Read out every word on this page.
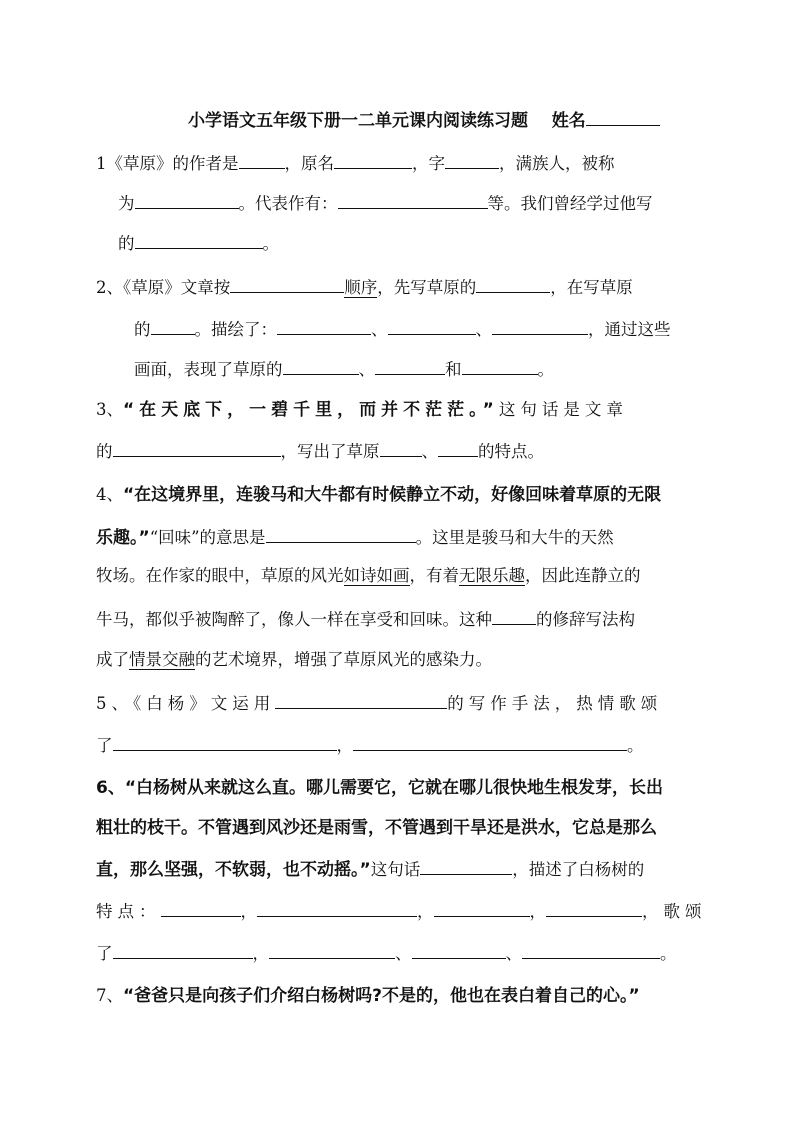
小学语文五年级下册一二单元课内阅读练习题 姓名
1《草原》的作者是	，原名	，字	，满族人，被称
为	。代表作有：	等。我们曾经学过他写
的	。
2、《草原》文章按	顺序，先写草原的	，在写草原
的	。描绘了：	、	、	，通过这些
画面，表现了草原的	、	和	。
3、“在天底下，一碧千里，而并不茫茫。”这句话是文章
的	，写出了草原	、 的特点。
4、“在这境界里，连骏马和大牛都有时候静立不动，好像回味着草原的无限
乐趣。”“回味”的意思是	。这里是骏马和大牛的天然
牧场。在作家的眼中，草原的风光如诗如画，有着无限乐趣，因此连静立的
牛马，都似乎被陶醉了，像人一样在享受和回味。这种	的修辞写法构
成了情景交融的艺术境界，增强了草原风光的感染力。
5、《白杨》文运用	的写作手法，热情歌颂
了	，	。
6、“白杨树从来就这么直。哪儿需要它，它就在哪儿很快地生根发芽，长出
粗壮的枝干。不管遇到风沙还是雨雪，不管遇到干旱还是洪水，它总是那么
直，那么坚强，不软弱，也不动摇。”这句话	，描述了白杨树的
特点：	，	，	，	，歌颂
了	，	、	、	。
7、“爸爸只是向孩子们介绍白杨树吗?不是的，他也在表白着自己的心。”
